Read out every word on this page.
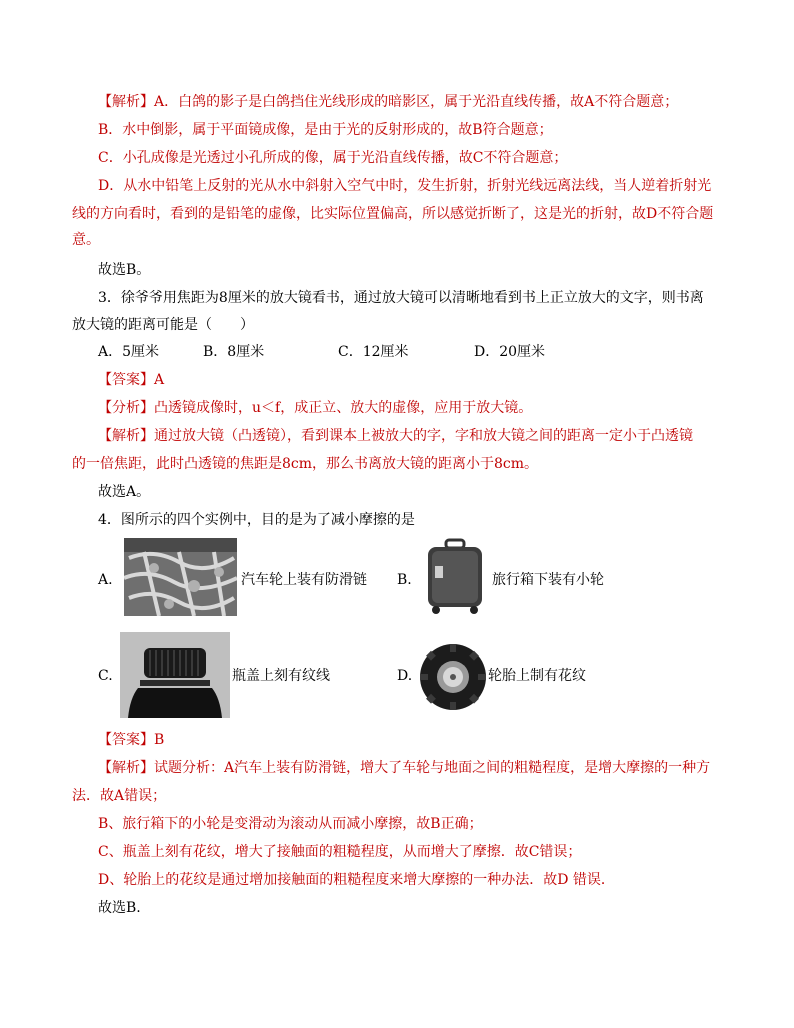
【解析】A．白鸽的影子是白鸽挡住光线形成的暗影区，属于光沿直线传播，故A不符合题意；
B．水中倒影，属于平面镜成像，是由于光的反射形成的，故B符合题意；
C．小孔成像是光透过小孔所成的像，属于光沿直线传播，故C不符合题意；
D．从水中铅笔上反射的光从水中斜射入空气中时，发生折射，折射光线远离法线，当人逆着折射光
线的方向看时，看到的是铅笔的虚像，比实际位置偏高，所以感觉折断了，这是光的折射，故D不符合题
意。
故选B。
3．徐爷爷用焦距为8厘米的放大镜看书，通过放大镜可以清晰地看到书上正立放大的文字，则书离
放大镜的距离可能是（　　）
A．5厘米	B．8厘米	C．12厘米	D．20厘米
【答案】A
【分析】凸透镜成像时，u＜f，成正立、放大的虚像，应用于放大镜。
【解析】通过放大镜（凸透镜），看到课本上被放大的字，字和放大镜之间的距离一定小于凸透镜
的一倍焦距，此时凸透镜的焦距是8cm，那么书离放大镜的距离小于8cm。
故选A。
4．图所示的四个实例中，目的是为了减小摩擦的是
A.	汽车轮上装有防滑链 B.	旅行箱下装有小轮
C.	瓶盖上刻有纹线	D.	轮胎上制有花纹
【答案】B
【解析】试题分析：A汽车上装有防滑链，增大了车轮与地面之间的粗糙程度，是增大摩擦的一种方
法．故A错误；
B、旅行箱下的小轮是变滑动为滚动从而减小摩擦，故B正确；
C、瓶盖上刻有花纹，增大了接触面的粗糙程度，从而增大了摩擦．故C错误；
D、轮胎上的花纹是通过增加接触面的粗糙程度来增大摩擦的一种办法．故D 错误．
故选B.
